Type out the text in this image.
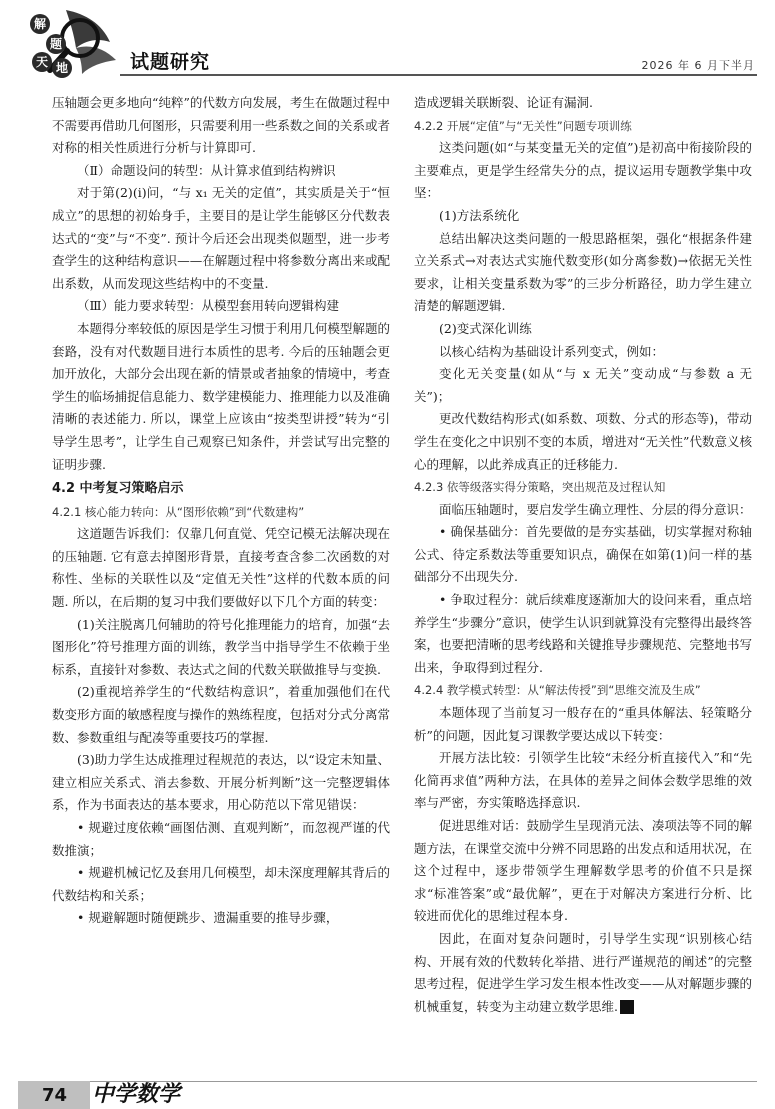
解
题
天 地	试题研究	2026 年 6 月下半月

压轴题会更多地向“纯粹”的代数方向发展，考生在做题过程中不需要再借助几何图形，只需要利用一些系数之间的关系或者对称的相关性质进行分析与计算即可.

（Ⅱ）命题设问的转型：从计算求值到结构辨识

对于第(2)(i)问，“与 x₁ 无关的定值”，其实质是关于“恒成立”的思想的初始身手，主要目的是让学生能够区分代数表达式的“变”与“不变”. 预计今后还会出现类似题型，进一步考查学生的这种结构意识——在解题过程中将参数分离出来或配出系数，从而发现这些结构中的不变量.

（Ⅲ）能力要求转型：从模型套用转向逻辑构建

本题得分率较低的原因是学生习惯于利用几何模型解题的套路，没有对代数题目进行本质性的思考. 今后的压轴题会更加开放化，大部分会出现在新的情景或者抽象的情境中，考查学生的临场捕捉信息能力、数学建模能力、推理能力以及准确清晰的表述能力. 所以，课堂上应该由“按类型讲授”转为“引导学生思考”，让学生自己观察已知条件，并尝试写出完整的证明步骤.

4.2 中考复习策略启示

4.2.1 核心能力转向：从“图形依赖”到“代数建构”

这道题告诉我们：仅靠几何直觉、凭空记模无法解决现在的压轴题. 它有意去掉图形背景，直接考查含参二次函数的对称性、坐标的关联性以及“定值无关性”这样的代数本质的问题. 所以，在后期的复习中我们要做好以下几个方面的转变：

(1)关注脱离几何辅助的符号化推理能力的培育，加强“去图形化”符号推理方面的训练，教学当中指导学生不依赖于坐标系，直接针对参数、表达式之间的代数关联做推导与变换.

(2)重视培养学生的“代数结构意识”，着重加强他们在代数变形方面的敏感程度与操作的熟练程度，包括对分式分离常数、参数重组与配凑等重要技巧的掌握.

(3)助力学生达成推理过程规范的表达，以“设定未知量、建立相应关系式、消去参数、开展分析判断”这一完整逻辑体系，作为书面表达的基本要求，用心防范以下常见错误：

• 规避过度依赖“画图估测、直观判断”，而忽视严谨的代数推演；

• 规避机械记忆及套用几何模型，却未深度理解其背后的代数结构和关系；

• 规避解题时随便跳步、遗漏重要的推导步骤，

造成逻辑关联断裂、论证有漏洞.

4.2.2 开展“定值”与“无关性”问题专项训练

这类问题(如“与某变量无关的定值”)是初高中衔接阶段的主要难点，更是学生经常失分的点，提议运用专题教学集中攻坚：

(1)方法系统化

总结出解决这类问题的一般思路框架，强化“根据条件建立关系式→对表达式实施代数变形(如分离参数)→依据无关性要求，让相关变量系数为零”的三步分析路径，助力学生建立清楚的解题逻辑.

(2)变式深化训练

以核心结构为基础设计系列变式，例如：

变化无关变量(如从“与 x 无关”变动成“与参数 a 无关”)；

更改代数结构形式(如系数、项数、分式的形态等)，带动学生在变化之中识别不变的本质，增进对“无关性”代数意义核心的理解，以此养成真正的迁移能力.

4.2.3 依等级落实得分策略，突出规范及过程认知

面临压轴题时，要启发学生确立理性、分层的得分意识：

• 确保基础分：首先要做的是夯实基础，切实掌握对称轴公式、待定系数法等重要知识点，确保在如第(1)问一样的基础部分不出现失分.

• 争取过程分：就后续难度逐渐加大的设问来看，重点培养学生“步骤分”意识，使学生认识到就算没有完整得出最终答案，也要把清晰的思考线路和关键推导步骤规范、完整地书写出来，争取得到过程分.

4.2.4 教学模式转型：从“解法传授”到“思维交流及生成”

本题体现了当前复习一般存在的“重具体解法、轻策略分析”的问题，因此复习课教学要达成以下转变：

开展方法比较：引领学生比较“未经分析直接代入”和“先化简再求值”两种方法，在具体的差异之间体会数学思维的效率与严密，夯实策略选择意识.

促进思维对话：鼓励学生呈现消元法、凑项法等不同的解题方法，在课堂交流中分辨不同思路的出发点和适用状况，在这个过程中，逐步带领学生理解数学思考的价值不只是探求“标准答案”或“最优解”，更在于对解决方案进行分析、比较进而优化的思维过程本身.

因此，在面对复杂问题时，引导学生实现“识别核心结构、开展有效的代数转化举措、进行严谨规范的阐述”的完整思考过程，促进学生学习发生根本性改变——从对解题步骤的机械重复，转变为主动建立数学思维.	Z

74 中学数学
